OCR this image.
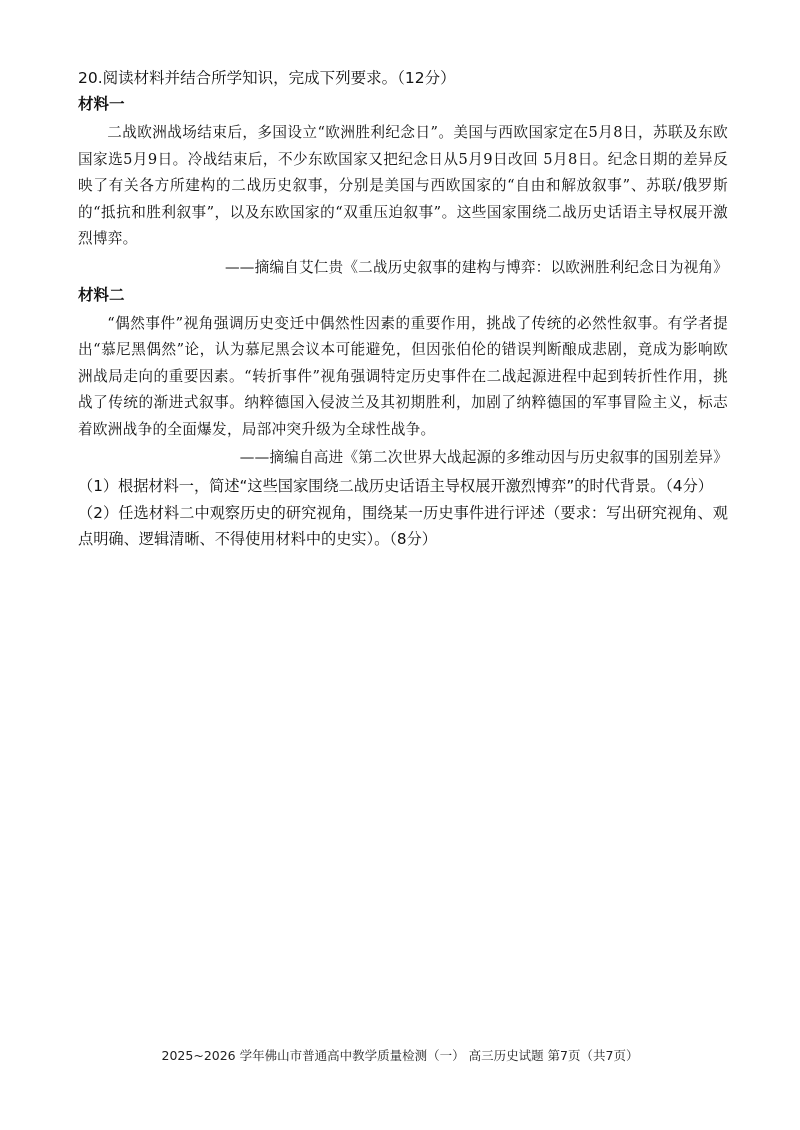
20.阅读材料并结合所学知识，完成下列要求。（12分）

材料一

二战欧洲战场结束后，多国设立“欧洲胜利纪念日”。美国与西欧国家定在5月8日，苏联及东欧国家选5月9日。冷战结束后，不少东欧国家又把纪念日从5月9日改回 5月8日。纪念日期的差异反映了有关各方所建构的二战历史叙事，分别是美国与西欧国家的“自由和解放叙事”、苏联/俄罗斯的“抵抗和胜利叙事”，以及东欧国家的“双重压迫叙事”。这些国家围绕二战历史话语主导权展开激烈博弈。

——摘编自艾仁贵《二战历史叙事的建构与博弈：以欧洲胜利纪念日为视角》

材料二

“偶然事件”视角强调历史变迁中偶然性因素的重要作用，挑战了传统的必然性叙事。有学者提出“慕尼黑偶然”论，认为慕尼黑会议本可能避免，但因张伯伦的错误判断酿成悲剧，竟成为影响欧洲战局走向的重要因素。“转折事件”视角强调特定历史事件在二战起源进程中起到转折性作用，挑战了传统的渐进式叙事。纳粹德国入侵波兰及其初期胜利，加剧了纳粹德国的军事冒险主义，标志着欧洲战争的全面爆发，局部冲突升级为全球性战争。

——摘编自高进《第二次世界大战起源的多维动因与历史叙事的国别差异》

（1）根据材料一，简述“这些国家围绕二战历史话语主导权展开激烈博弈”的时代背景。（4分）

（2）任选材料二中观察历史的研究视角，围绕某一历史事件进行评述（要求：写出研究视角、观点明确、逻辑清晰、不得使用材料中的史实）。（8分）

2025~2026 学年佛山市普通高中教学质量检测（一） 高三历史试题 第7页（共7页）
